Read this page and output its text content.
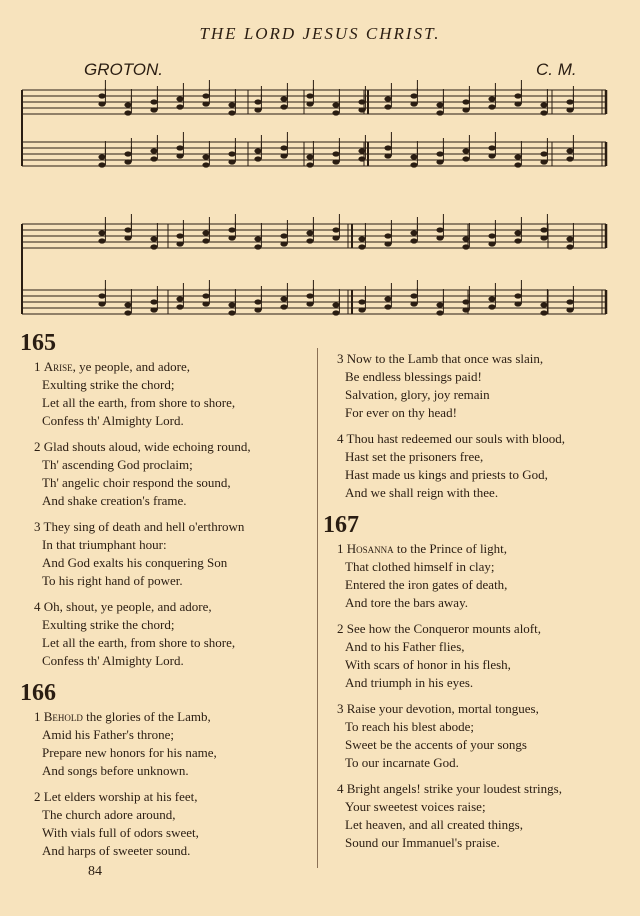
THE LORD JESUS CHRIST.
GROTON.	C. M.
165
1 Arise, ye people, and adore,
Exulting strike the chord;
Let all the earth, from shore to shore,
Confess th' Almighty Lord.
2 Glad shouts aloud, wide echoing round,
Th' ascending God proclaim;
Th' angelic choir respond the sound,
And shake creation's frame.
3 They sing of death and hell o'erthrown
In that triumphant hour:
And God exalts his conquering Son
To his right hand of power.
4 Oh, shout, ye people, and adore,
Exulting strike the chord;
Let all the earth, from shore to shore,
Confess th' Almighty Lord.
166
1 Behold the glories of the Lamb,
Amid his Father's throne;
Prepare new honors for his name,
And songs before unknown.
2 Let elders worship at his feet,
The church adore around,
With vials full of odors sweet,
And harps of sweeter sound.
3 Now to the Lamb that once was slain,
Be endless blessings paid!
Salvation, glory, joy remain
For ever on thy head!
4 Thou hast redeemed our souls with blood,
Hast set the prisoners free,
Hast made us kings and priests to God,
And we shall reign with thee.
167
1 Hosanna to the Prince of light,
That clothed himself in clay;
Entered the iron gates of death,
And tore the bars away.
2 See how the Conqueror mounts aloft,
And to his Father flies,
With scars of honor in his flesh,
And triumph in his eyes.
3 Raise your devotion, mortal tongues,
To reach his blest abode;
Sweet be the accents of your songs
To our incarnate God.
4 Bright angels! strike your loudest strings,
Your sweetest voices raise;
Let heaven, and all created things,
Sound our Immanuel's praise.
84
